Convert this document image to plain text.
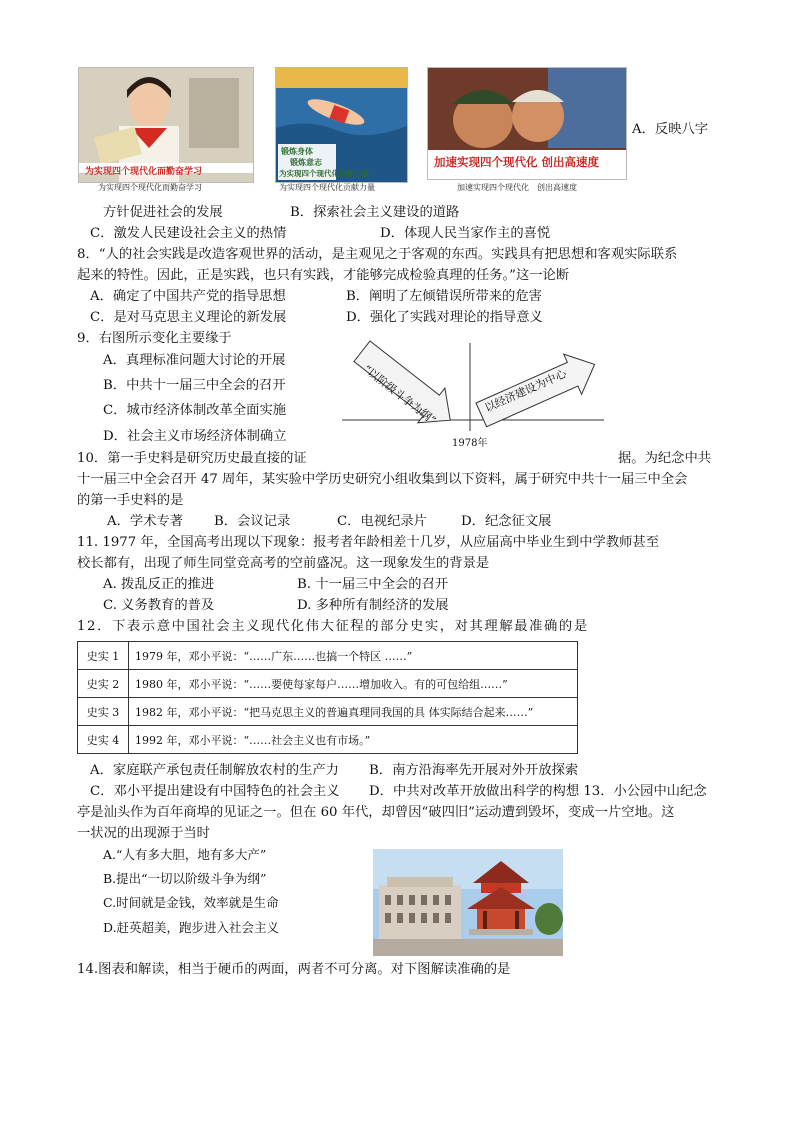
为实现四个现代化而勤奋学习
为实现四个现代化而勤奋学习
锻炼身体
锻炼意志
为实现四个现代化贡献力量
为实现四个现代化贡献力量
加速实现四个现代化 创出高速度
加速实现四个现代化　创出高速度
A．反映八字
方针促进社会的发展	B．探索社会主义建设的道路
C．激发人民建设社会主义的热情	D．体现人民当家作主的喜悦
8．“人的社会实践是改造客观世界的活动，是主观见之于客观的东西。实践具有把思想和客观实际联系
起来的特性。因此，正是实践，也只有实践，才能够完成检验真理的任务。”这一论断
A．确定了中国共产党的指导思想	B．阐明了左倾错误所带来的危害
C．是对马克思主义理论的新发展	D．强化了实践对理论的指导意义
9．右图所示变化主要缘于
A．真理标准问题大讨论的开展
B．中共十一届三中全会的召开
C．城市经济体制改革全面实施
D．社会主义市场经济体制确立
“以阶级斗争为纲”	以经济建设为中心
1978年
10．第一手史料是研究历史最直接的证	据。为纪念中共
十一届三中全会召开 47 周年，某实验中学历史研究小组收集到以下资料，属于研究中共十一届三中全会
的第一手史料的是
A．学术专著 B．会议记录	C．电视纪录片	D．纪念征文展
11. 1977 年，全国高考出现以下现象：报考者年龄相差十几岁，从应届高中毕业生到中学教师甚至
校长都有，出现了师生同堂竞高考的空前盛况。这一现象发生的背景是
A. 拨乱反正的推进	B. 十一届三中全会的召开
C. 义务教育的普及	D. 多种所有制经济的发展
12．下表示意中国社会主义现代化伟大征程的部分史实，对其理解最准确的是
史实 1	1979 年，邓小平说：“……广东……也搞一个特区 ……”
史实 2	1980 年，邓小平说：“……要使每家每户……增加收入。有的可包给组……”
史实 3	1982 年，邓小平说：“把马克思主义的普遍真理同我国的具 体实际结合起来……”
史实 4	1992 年，邓小平说：“……社会主义也有市场。”
A．家庭联产承包责任制解放农村的生产力 B．南方沿海率先开展对外开放探索
C．邓小平提出建设有中国特色的社会主义 D．中共对改革开放做出科学的构想 13．小公园中山纪念
亭是汕头作为百年商埠的见证之一。但在 60 年代，却曾因“破四旧”运动遭到毁坏，变成一片空地。这
一状况的出现源于当时
A.“人有多大胆，地有多大产”
B.提出“一切以阶级斗争为纲”
C.时间就是金钱，效率就是生命
D.赶英超美，跑步进入社会主义
14.图表和解读，相当于硬币的两面，两者不可分离。对下图解读准确的是
